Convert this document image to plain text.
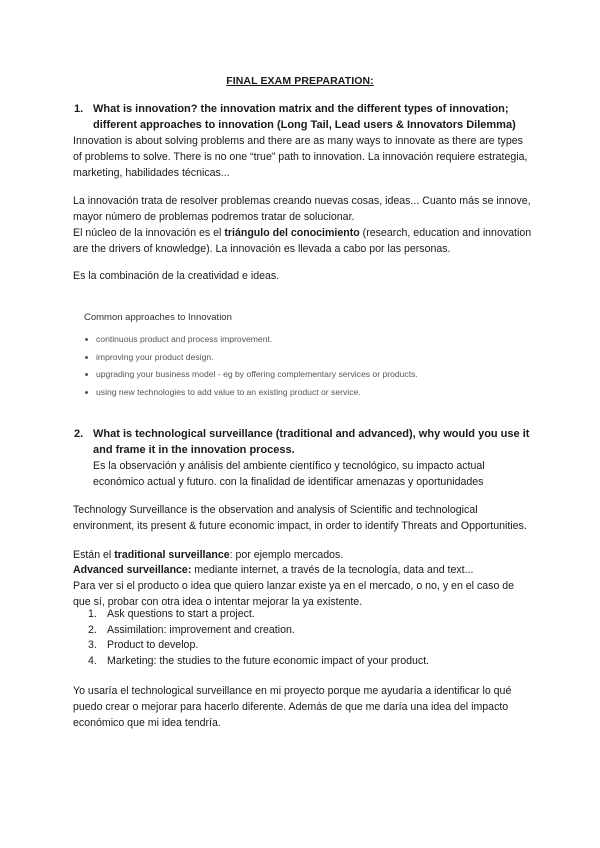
FINAL EXAM PREPARATION:
1. What is innovation? the innovation matrix and the different types of innovation; different approaches to innovation (Long Tail, Lead users & Innovators Dilemma)
Innovation is about solving problems and there are as many ways to innovate as there are types of problems to solve. There is no one “true” path to innovation. La innovación requiere estrategia, marketing, habilidades técnicas...
La innovación trata de resolver problemas creando nuevas cosas, ideas... Cuanto más se innove, mayor número de problemas podremos tratar de solucionar.
El núcleo de la innovación es el triángulo del conocimiento (research, education and innovation are the drivers of knowledge). La innovación es llevada a cabo por las personas.
Es la combinación de la creatividad e ideas.
Common approaches to Innovation
continuous product and process improvement.
improving your product design.
upgrading your business model - eg by offering complementary services or products.
using new technologies to add value to an existing product or service.
2. What is technological surveillance (traditional and advanced), why would you use it and frame it in the innovation process.
Es la observación y análisis del ambiente científico y tecnológico, su impacto actual económico actual y futuro. con la finalidad de identificar amenazas y oportunidades
Technology Surveillance is the observation and analysis of Scientific and technological environment, its present & future economic impact, in order to identify Threats and Opportunities.
Están el traditional surveillance: por ejemplo mercados.
Advanced surveillance: mediante internet, a través de la tecnología, data and text...
Para ver si el producto o idea que quiero lanzar existe ya en el mercado, o no, y en el caso de que sí, probar con otra idea o intentar mejorar la ya existente.
1. Ask questions to start a project.
2. Assimilation: improvement and creation.
3. Product to develop.
4. Marketing: the studies to the future economic impact of your product.
Yo usaría el technological surveillance en mi proyecto porque me ayudaría a identificar lo qué puedo crear o mejorar para hacerlo diferente. Además de que me daría una idea del impacto económico que mi idea tendría.
